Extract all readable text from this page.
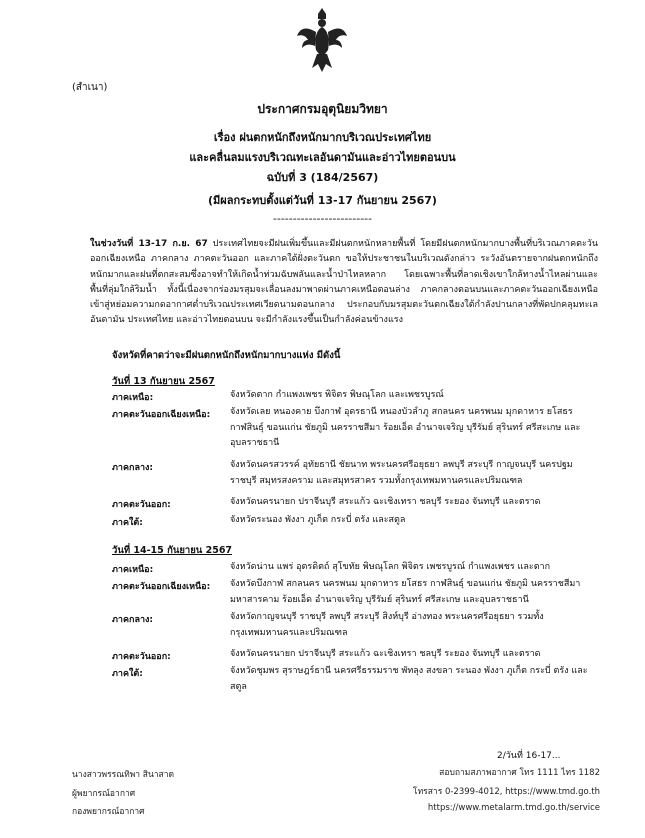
(สำเนา)
ประกาศกรมอุตุนิยมวิทยา
เรื่อง ฝนตกหนักถึงหนักมากบริเวณประเทศไทย
และคลื่นลมแรงบริเวณทะเลอันดามันและอ่าวไทยตอนบน
ฉบับที่ 3 (184/2567)
(มีผลกระทบตั้งแต่วันที่ 13-17 กันยายน 2567)
-------------------------
ในช่วงวันที่ 13-17 ก.ย. 67 ประเทศไทยจะมีฝนเพิ่มขึ้นและมีฝนตกหนักหลายพื้นที่ โดยมีฝนตกหนักมากบางพื้นที่บริเวณภาคตะวันออกเฉียงเหนือ ภาคกลาง ภาคตะวันออก และภาคใต้ฝั่งตะวันตก ขอให้ประชาชนในบริเวณดังกล่าว ระวังอันตรายจากฝนตกหนักถึงหนักมากและฝนที่ตกสะสมซึ่งอาจทำให้เกิดน้ำท่วมฉับพลันและน้ำป่าไหลหลาก โดยเฉพาะพื้นที่ลาดเชิงเขาใกล้ทางน้ำไหลผ่านและพื้นที่ลุ่มใกล้ริมน้ำ ทั้งนี้เนื่องจากร่องมรสุมจะเลื่อนลงมาพาดผ่านภาคเหนือตอนล่าง ภาคกลางตอนบนและภาคตะวันออกเฉียงเหนือ เข้าสู่หย่อมความกดอากาศต่ำบริเวณประเทศเวียดนามตอนกลาง ประกอบกับมรสุมตะวันตกเฉียงใต้กำลังปานกลางที่พัดปกคลุมทะเลอันดามัน ประเทศไทย และอ่าวไทยตอนบน จะมีกำลังแรงขึ้นเป็นกำลังค่อนข้างแรง
จังหวัดที่คาดว่าจะมีฝนตกหนักถึงหนักมากบางแห่ง มีดังนี้
วันที่ 13 กันยายน 2567
ภาคเหนือ:	จังหวัดตาก กำแพงเพชร พิจิตร พิษณุโลก และเพชรบูรณ์
ภาคตะวันออกเฉียงเหนือ: จังหวัดเลย หนองคาย บึงกาฬ อุดรธานี หนองบัวลำภู สกลนคร นครพนม มุกดาหาร ยโสธร กาฬสินธุ์ ขอนแก่น ชัยภูมิ นครราชสีมา ร้อยเอ็ด อำนาจเจริญ บุรีรัมย์ สุรินทร์ ศรีสะเกษ และอุบลราชธานี
ภาคกลาง:	จังหวัดนครสวรรค์ อุทัยธานี ชัยนาท พระนครศรีอยุธยา ลพบุรี สระบุรี กาญจนบุรี นครปฐม ราชบุรี สมุทรสงคราม และสมุทรสาคร รวมทั้งกรุงเทพมหานครและปริมณฑล
ภาคตะวันออก:	จังหวัดนครนายก ปราจีนบุรี สระแก้ว ฉะเชิงเทรา ชลบุรี ระยอง จันทบุรี และตราด
ภาคใต้:	จังหวัดระนอง พังงา ภูเก็ต กระบี่ ตรัง และสตูล
วันที่ 14-15 กันยายน 2567
ภาคเหนือ:	จังหวัดน่าน แพร่ อุตรดิตถ์ สุโขทัย พิษณุโลก พิจิตร เพชรบูรณ์ กำแพงเพชร และตาก
ภาคตะวันออกเฉียงเหนือ: จังหวัดบึงกาฬ สกลนคร นครพนม มุกดาหาร ยโสธร กาฬสินธุ์ ขอนแก่น ชัยภูมิ นครราชสีมา มหาสารคาม ร้อยเอ็ด อำนาจเจริญ บุรีรัมย์ สุรินทร์ ศรีสะเกษ และอุบลราชธานี
ภาคกลาง:	จังหวัดกาญจนบุรี ราชบุรี ลพบุรี สระบุรี สิงห์บุรี อ่างทอง พระนครศรีอยุธยา รวมทั้งกรุงเทพมหานครและปริมณฑล
ภาคตะวันออก:	จังหวัดนครนายก ปราจีนบุรี สระแก้ว ฉะเชิงเทรา ชลบุรี ระยอง จันทบุรี และตราด
ภาคใต้:	จังหวัดชุมพร สุราษฎร์ธานี นครศรีธรรมราช พัทลุง สงขลา ระนอง พังงา ภูเก็ต กระบี่ ตรัง และสตูล
2/วันที่ 16-17...
นางสาวพรรณทิพา สินาสาด
ผู้พยากรณ์อากาศ
กองพยากรณ์อากาศ
สอบถามสภาพอากาศ โทร 1111 ไทร 1182
โทรสาร 0-2399-4012, https://www.tmd.go.th
https://www.metalarm.tmd.go.th/service
